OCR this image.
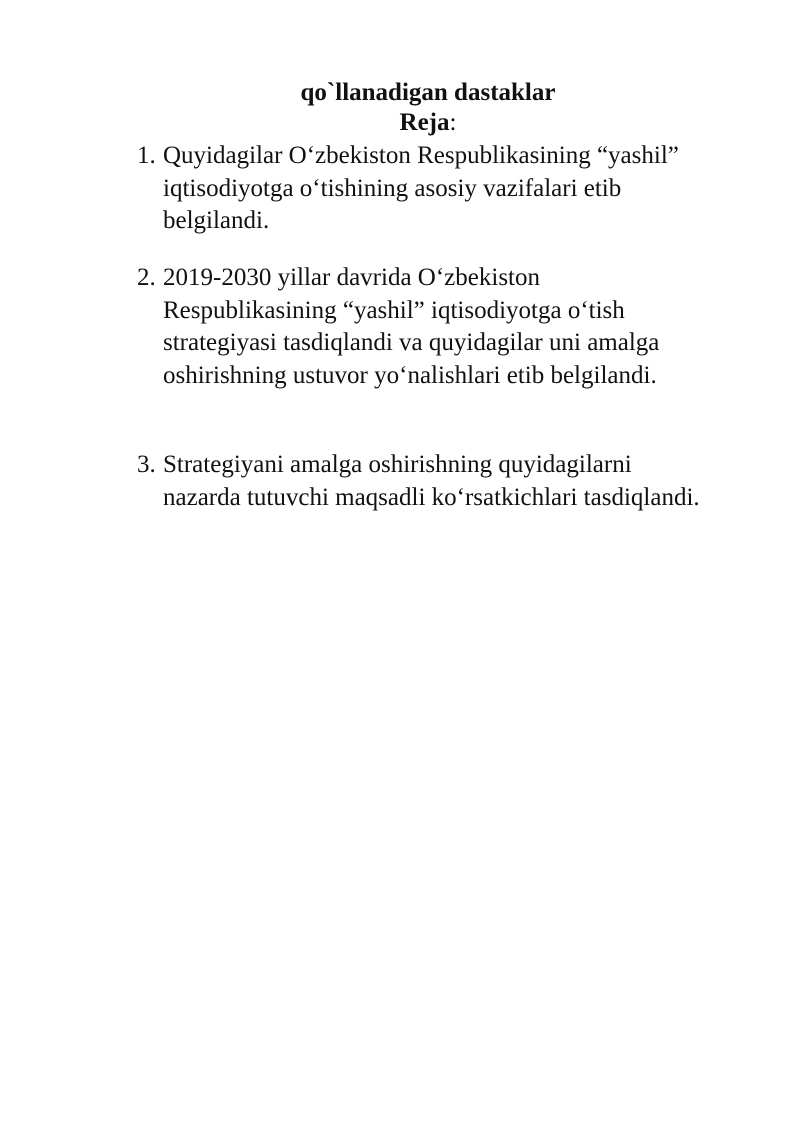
qo`llanadigan dastaklar
Reja:
1. Quyidagilar O‘zbekiston Respublikasining “yashil”
iqtisodiyotga o‘tishining asosiy vazifalari etib
belgilandi.
2. 2019-2030 yillar davrida O‘zbekiston
Respublikasining “yashil” iqtisodiyotga o‘tish
strategiyasi tasdiqlandi va quyidagilar uni amalga
oshirishning ustuvor yo‘nalishlari etib belgilandi.
3. Strategiyani amalga oshirishning quyidagilarni
nazarda tutuvchi maqsadli ko‘rsatkichlari tasdiqlandi.
